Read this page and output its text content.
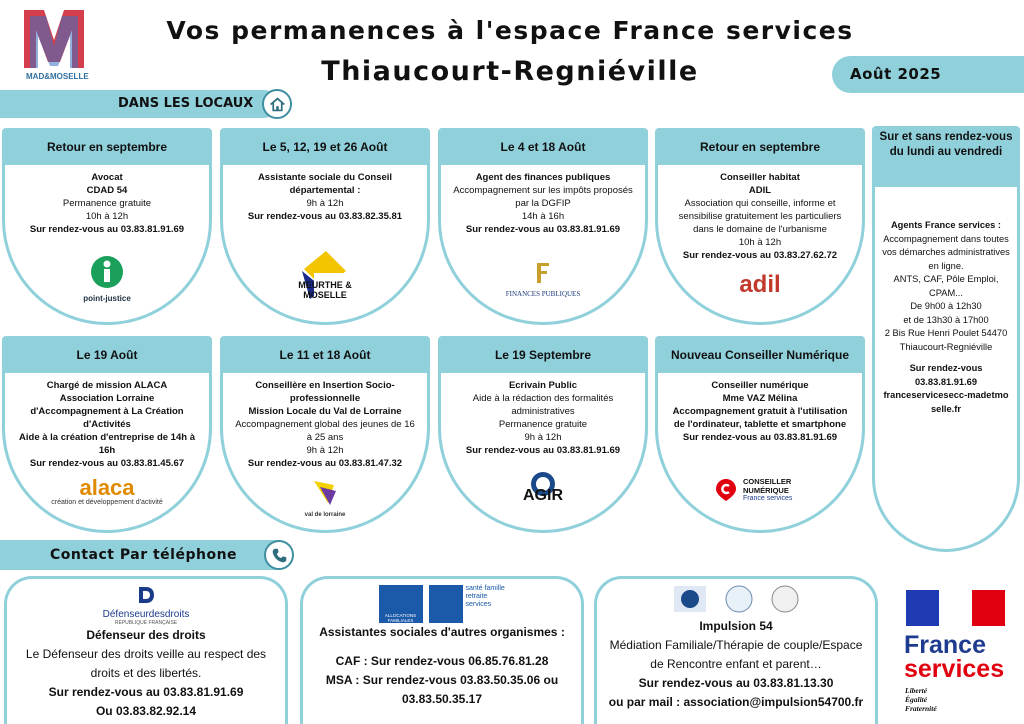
MAD&MOSELLE
Vos permanences à l'espace France services
Thiaucourt-Regniéville	Août 2025
DANS LES LOCAUX
Retour en septembre
Avocat
CDAD 54
Permanence gratuite
10h à 12h
Sur rendez-vous au 03.83.81.91.69
point-justice
Le 5, 12, 19 et 26 Août
Assistante sociale du Conseil départemental :
9h à 12h
Sur rendez-vous au 03.83.82.35.81
MEURTHE & MOSELLE
Le 4 et 18 Août
Agent des finances publiques
Accompagnement sur les impôts proposés par la DGFIP
14h à 16h
Sur rendez-vous au 03.83.81.91.69
FINANCES PUBLIQUES
Retour en septembre
Conseiller habitat
ADIL
Association qui conseille, informe et sensibilise gratuitement les particuliers dans le domaine de l'urbanisme
10h à 12h
Sur rendez-vous au 03.83.27.62.72
adil
Le 19 Août
Chargé de mission ALACA
Association Lorraine d'Accompagnement à La Création d'Activités
Aide à la création d'entreprise de 14h à 16h
Sur rendez-vous au 03.83.81.45.67
alaca
création et développement d'activité
Le 11 et 18 Août
Conseillère en Insertion Socio-professionnelle
Mission Locale du Val de Lorraine
Accompagnement global des jeunes de 16 à 25 ans
9h à 12h
Sur rendez-vous au 03.83.81.47.32
val de lorraine
Le 19 Septembre
Ecrivain Public
Aide à la rédaction des formalités administratives
Permanence gratuite
9h à 12h
Sur rendez-vous au 03.83.81.91.69
AGIR
Nouveau Conseiller Numérique
Conseiller numérique
Mme VAZ Mélina
Accompagnement gratuit à l'utilisation de l'ordinateur, tablette et smartphone
Sur rendez-vous au 03.83.81.91.69
CONSEILLER NUMÉRIQUE
France services
Sur et sans rendez-vous du lundi au vendredi
Agents France services :
Accompagnement dans toutes vos démarches administratives en ligne.
ANTS, CAF, Pôle Emploi, CPAM...
De 9h00 à 12h30
et de 13h30 à 17h00
2 Bis Rue Henri Poulet 54470 Thiaucourt-Regniéville
Sur rendez-vous
03.83.81.91.69
franceservicesecc-madetmoselle.fr
Contact Par téléphone
Défenseurdesdroits
RÉPUBLIQUE FRANÇAISE
Défenseur des droits
Le Défenseur des droits veille au respect des droits et des libertés.
Sur rendez-vous au 03.83.81.91.69
Ou 03.83.82.92.14
ALLOCATIONS FAMILIALES
santé famille retraite services
Assistantes sociales d'autres organismes :
CAF : Sur rendez-vous 06.85.76.81.28
MSA : Sur rendez-vous 03.83.50.35.06 ou 03.83.50.35.17
Impulsion 54
Médiation Familiale/Thérapie de couple/Espace de Rencontre enfant et parent…
Sur rendez-vous au 03.83.81.13.30
ou par mail : association@impulsion54700.fr
France
services
Liberté
Égalité
Fraternité
